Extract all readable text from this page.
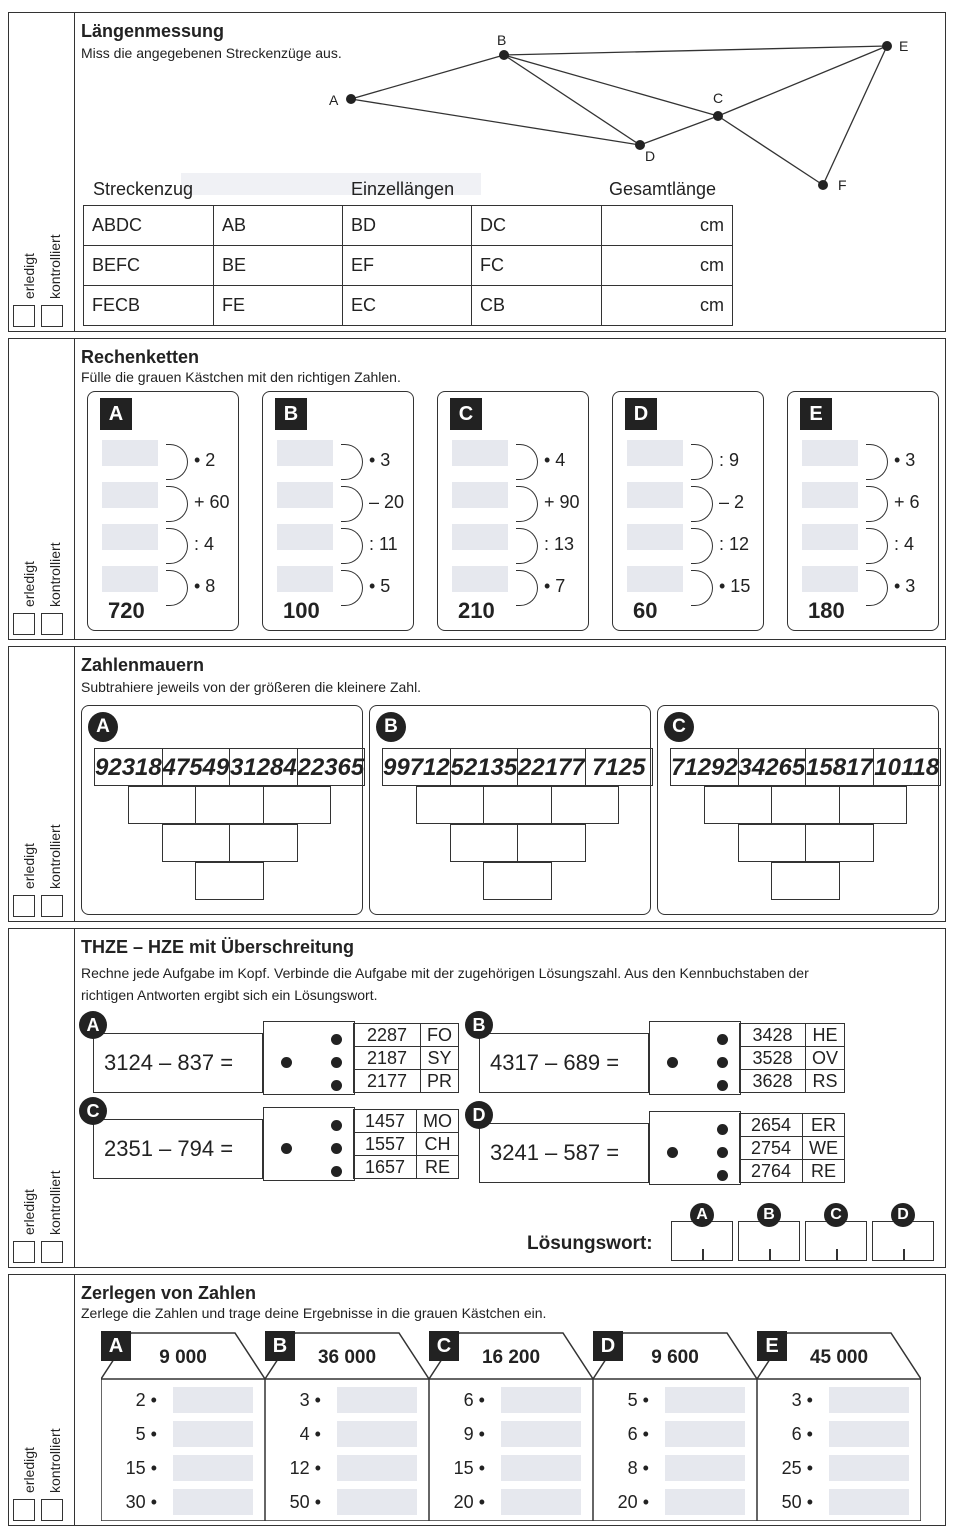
erledigt kontrolliert
Längenmessung
Miss die angegebenen Streckenzüge aus.
A
B
C
D
E
F
Streckenzug	Einzellängen	Gesamtlänge
ABDC	AB	BD	DC	cm
BEFC	BE	EF	FC	cm
FECB	FE	EC	CB	cm
erledigt kontrolliert
Rechenketten
Fülle die grauen Kästchen mit den richtigen Zahlen.
A
• 2
+ 60
: 4
• 8
720
B
• 3
– 20
: 11
• 5
100
C
• 4
+ 90
: 13
• 7
210
D
: 9
– 2
: 12
• 15
60
E
• 3
+ 6
: 4
• 3
180
erledigt kontrolliert
Zahlenmauern
Subtrahiere jeweils von der größeren die kleinere Zahl.
A
92318 47549 31284 22365
B
99712 52135 22177 7125
C
71292 34265 15817 10118
erledigt kontrolliert
THZE – HZE mit Überschreitung
Rechne jede Aufgabe im Kopf. Verbinde die Aufgabe mit der zugehörigen Lösungszahl. Aus den Kennbuchstaben der
richtigen Antworten ergibt sich ein Lösungswort.
Lösungswort:
A
3124 – 837 =
2287	FO
2187	SY
2177	PR
B
4317 – 689 =
3428	HE
3528	OV
3628	RS
C
2351 – 794 =
1457	MO
1557	CH
1657	RE
D
3241 – 587 =
2654	ER
2754	WE
2764	RE
A	B	C	D
erledigt kontrolliert
Zerlegen von Zahlen
Zerlege die Zahlen und trage deine Ergebnisse in die grauen Kästchen ein.
A
9 000
2 •
5 •
15 •
30 •
B
36 000
3 •
4 •
12 •
50 •
C
16 200
6 •
9 •
15 •
20 •
D
9 600
5 •
6 •
8 •
20 •
E
45 000
3 •
6 •
25 •
50 •
